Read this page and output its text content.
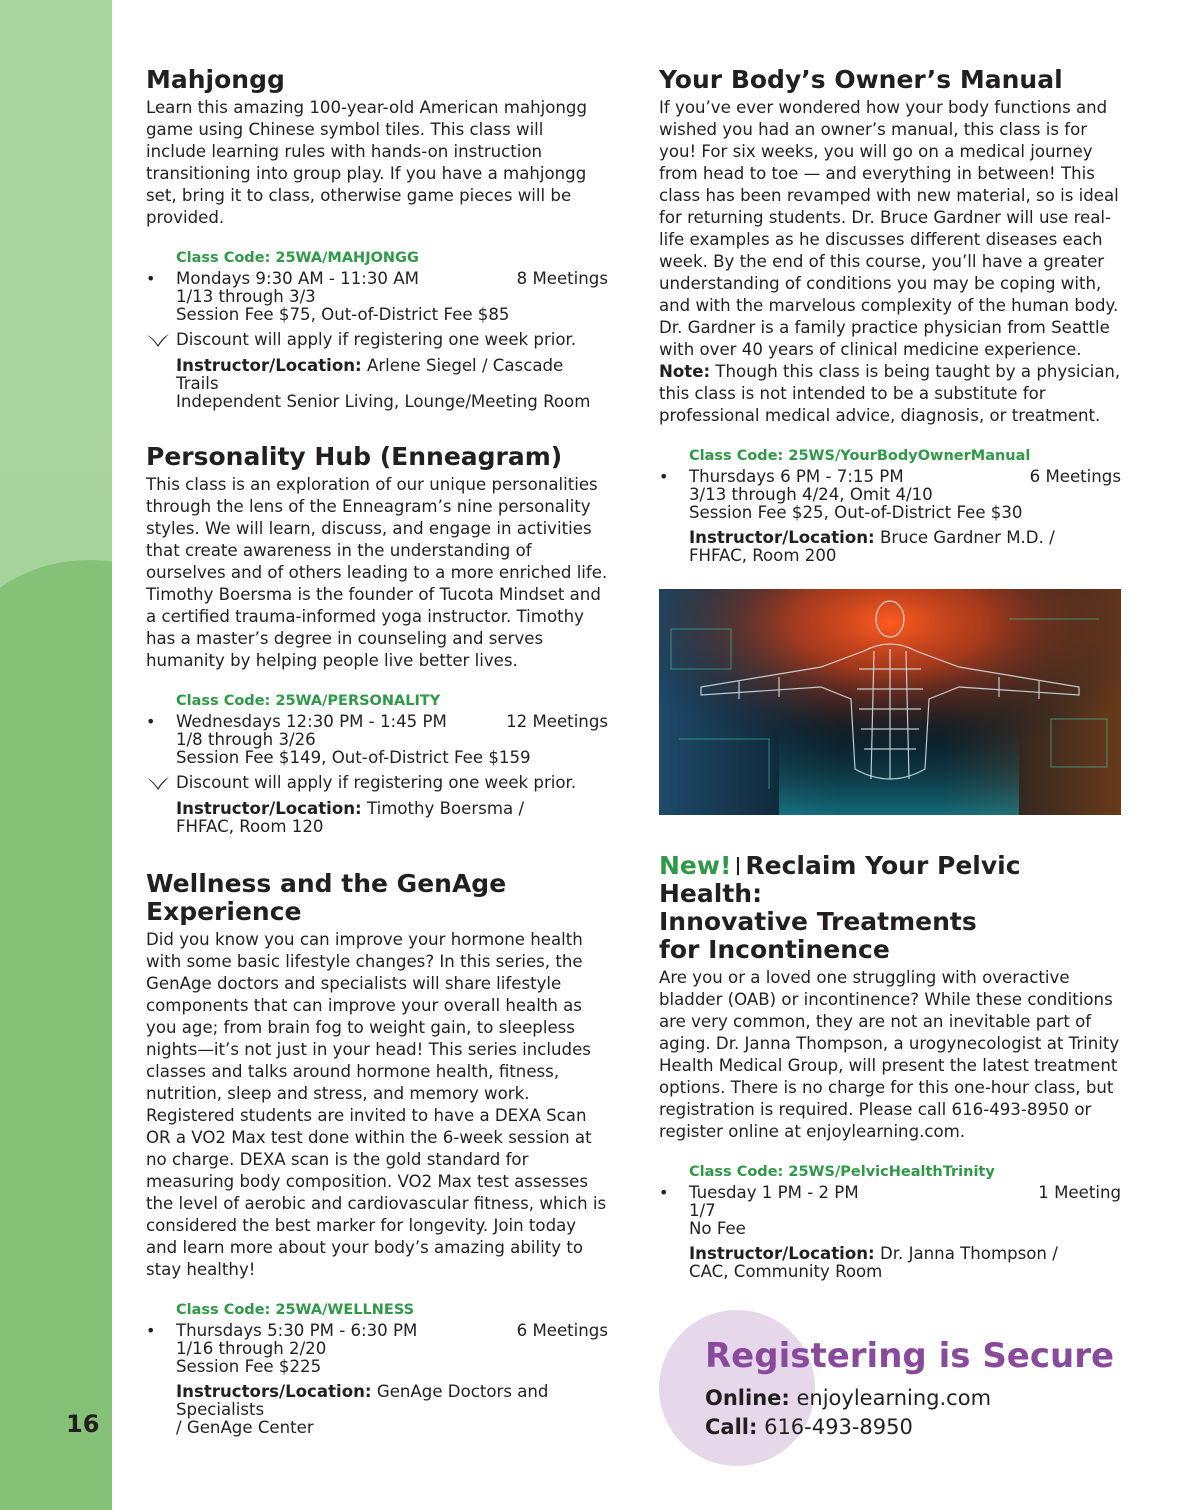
16
Mahjongg

Learn this amazing 100-year-old American mahjongg game using Chinese symbol tiles. This class will include learning rules with hands-on instruction transitioning into group play. If you have a mahjongg set, bring it to class, otherwise game pieces will be provided.

Class Code: 25WA/MAHJONGG
•	8 Meetings
Mondays 9:30 AM - 11:30 AM
1/13 through 3/3
Session Fee $75, Out-of-District Fee $85
Discount will apply if registering one week prior.
Instructor/Location: Arlene Siegel / Cascade Trails
Independent Senior Living, Lounge/Meeting Room
Personality Hub (Enneagram)

This class is an exploration of our unique personalities through the lens of the Enneagram’s nine personality styles. We will learn, discuss, and engage in activities that create awareness in the understanding of ourselves and of others leading to a more enriched life. Timothy Boersma is the founder of Tucota Mindset and a certified trauma-informed yoga instructor. Timothy has a master’s degree in counseling and serves humanity by helping people live better lives.

Class Code: 25WA/PERSONALITY
•	12 Meetings
Wednesdays 12:30 PM - 1:45 PM
1/8 through 3/26
Session Fee $149, Out-of-District Fee $159
Discount will apply if registering one week prior.
Instructor/Location: Timothy Boersma /
FHFAC, Room 120
Wellness and the GenAge
Experience

Did you know you can improve your hormone health with some basic lifestyle changes? In this series, the GenAge doctors and specialists will share lifestyle components that can improve your overall health as you age; from brain fog to weight gain, to sleepless nights—it’s not just in your head! This series includes classes and talks around hormone health, fitness, nutrition, sleep and stress, and memory work. Registered students are invited to have a DEXA Scan OR a VO2 Max test done within the 6-week session at no charge. DEXA scan is the gold standard for measuring body composition. VO2 Max test assesses the level of aerobic and cardiovascular fitness, which is considered the best marker for longevity. Join today and learn more about your body’s amazing ability to stay healthy!

Class Code: 25WA/WELLNESS
•	6 Meetings
Thursdays 5:30 PM - 6:30 PM
1/16 through 2/20
Session Fee $225
Instructors/Location: GenAge Doctors and Specialists
/ GenAge Center
Your Body’s Owner’s Manual

If you’ve ever wondered how your body functions and wished you had an owner’s manual, this class is for you! For six weeks, you will go on a medical journey from head to toe — and everything in between! This class has been revamped with new material, so is ideal for returning students. Dr. Bruce Gardner will use real-life examples as he discusses different diseases each week. By the end of this course, you’ll have a greater understanding of conditions you may be coping with, and with the marvelous complexity of the human body. Dr. Gardner is a family practice physician from Seattle with over 40 years of clinical medicine experience. Note: Though this class is being taught by a physician, this class is not intended to be a substitute for professional medical advice, diagnosis, or treatment.

Class Code: 25WS/YourBodyOwnerManual
•	6 Meetings
Thursdays 6 PM - 7:15 PM
3/13 through 4/24, Omit 4/10
Session Fee $25, Out-of-District Fee $30
Instructor/Location: Bruce Gardner M.D. /
FHFAC, Room 200
New! Reclaim Your Pelvic Health:
Innovative Treatments
for Incontinence

Are you or a loved one struggling with overactive bladder (OAB) or incontinence? While these conditions are very common, they are not an inevitable part of aging. Dr. Janna Thompson, a urogynecologist at Trinity Health Medical Group, will present the latest treatment options. There is no charge for this one-hour class, but registration is required. Please call 616-493-8950 or register online at enjoylearning.com.

Class Code: 25WS/PelvicHealthTrinity
•	1 Meeting
Tuesday 1 PM - 2 PM
1/7
No Fee
Instructor/Location: Dr. Janna Thompson /
CAC, Community Room
Registering is Secure
Online: enjoylearning.com
Call: 616-493-8950
